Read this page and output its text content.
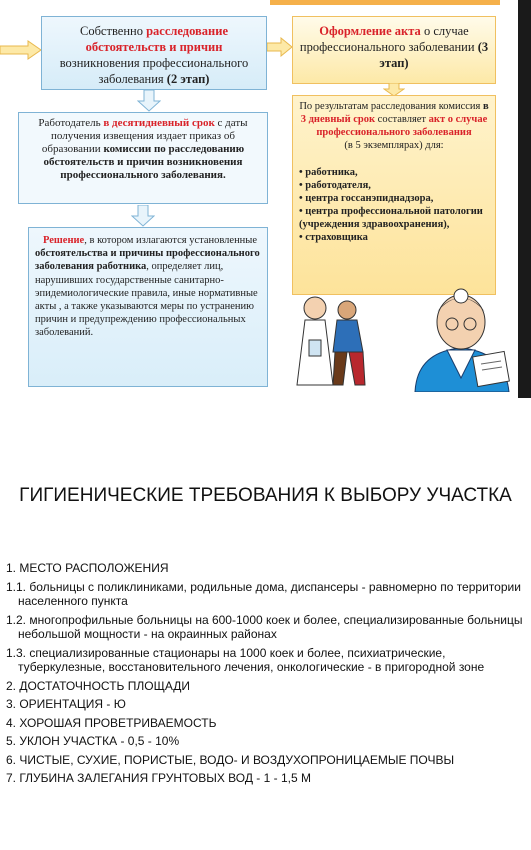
Собственно расследование обстоятельств и причин возникновения профессионального заболевания (2 этап)
Работодатель в десятидневный срок с даты получения извещения издает приказ об образовании комиссии по расследованию обстоятельств и причин возникновения профессионального заболевания.
Решение, в котором излагаются установленные обстоятельства и причины профессионального заболевания работника, определяет лиц, нарушивших государственные санитарно-эпидемиологические правила, иные нормативные акты , а также указываются меры по устранению причин и предупреждению профессиональных заболеваний.
Оформление акта о случае профессионального заболевании (3 этап)
По результатам расследования комиссия в 3 дневный срок составляет акт о случае профессионального заболевания
(в 5 экземплярах) для:
• работника,
• работодателя,
• центра госсанэпиднадзора,
• центра профессиональной патологии (учреждения здравоохранения),
• страховщика
ГИГИЕНИЧЕСКИЕ ТРЕБОВАНИЯ К ВЫБОРУ УЧАСТКА
1. МЕСТО РАСПОЛОЖЕНИЯ
1.1. больницы с поликлиниками, родильные дома, диспансеры - равномерно по территории населенного пункта
1.2. многопрофильные больницы на 600-1000 коек и более, специализированные больницы небольшой мощности - на окраинных районах
1.3. специализированные стационары на 1000 коек и более, психиатрические, туберкулезные, восстановительного лечения, онкологические - в пригородной зоне
2. ДОСТАТОЧНОСТЬ ПЛОЩАДИ
3. ОРИЕНТАЦИЯ - Ю
4. ХОРОШАЯ ПРОВЕТРИВАЕМОСТЬ
5. УКЛОН УЧАСТКА - 0,5 - 10%
6. ЧИСТЫЕ, СУХИЕ, ПОРИСТЫЕ, ВОДО- И ВОЗДУХОПРОНИЦАЕМЫЕ ПОЧВЫ
7. ГЛУБИНА ЗАЛЕГАНИЯ ГРУНТОВЫХ ВОД - 1 - 1,5 М
